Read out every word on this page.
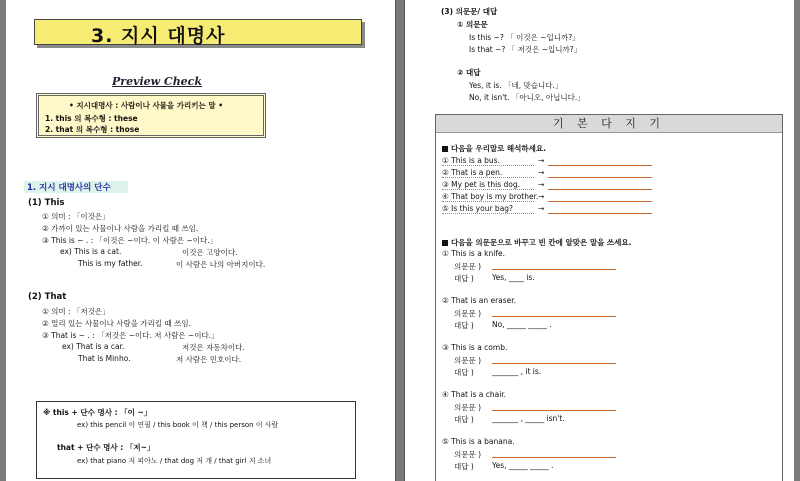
3. 지시 대명사
Preview Check
• 지시대명사 : 사람이나 사물을 가리키는 말 •
1. this 의 복수형 : these
2. that 의 복수형 : those
1. 지시 대명사의 단수
(1) This
① 의미 : 「이것은」
② 가까이 있는 사물이나 사람을 가리킬 때 쓰임.
③ This is ~ . : 「이것은 ~이다. 이 사람은 ~이다.」
ex) This is a cat.	이것은 고양이다.
This is my father.	이 사람은 나의 아버지이다.
(2) That
① 의미 : 「저것은」
② 멀리 있는 사물이나 사람을 가리킬 때 쓰임.
③ That is ~ . : 「저것은 ~이다. 저 사람은 ~이다.」
ex) That is a car.	저것은 자동차이다.
That is Minho.	저 사람은 민호이다.
※ this + 단수 명사 : 「이 ~」
ex) this pencil 이 연필 / this book 이 책 / this person 이 사람
that + 단수 명사 : 「저~」
ex) that piano 저 피아노 / that dog 저 개 / that girl 저 소녀
(3) 의문문/ 대답
① 의문문
Is this ~? 「 이것은 ~입니까?」
Is that ~? 「 저것은 ~입니까?」
② 대답
Yes, it is. 「네, 맞습니다.」
No, it isn't. 「아니오, 아닙니다.」
기 본 다 지 기
다음을 우리말로 해석하세요.
① This is a bus.	→
② That is a pen.	→
③ My pet is this dog. →
④ That boy is my brother.→
⑤ Is this your bag?	→
다음을 의문문으로 바꾸고 빈 칸에 알맞은 말을 쓰세요.
① This is a knife.
의문문 )
대답 ) Yes, ____ is.
② That is an eraser.
의문문 )
대답 ) No, _____ _____ .
③ This is a comb.
의문문 )
대답 ) _______ , it is.
④ That is a chair.
의문문 )
대답 ) _______ , _____ isn't.
⑤ This is a banana.
의문문 )
대답 ) Yes, _____ _____ .
